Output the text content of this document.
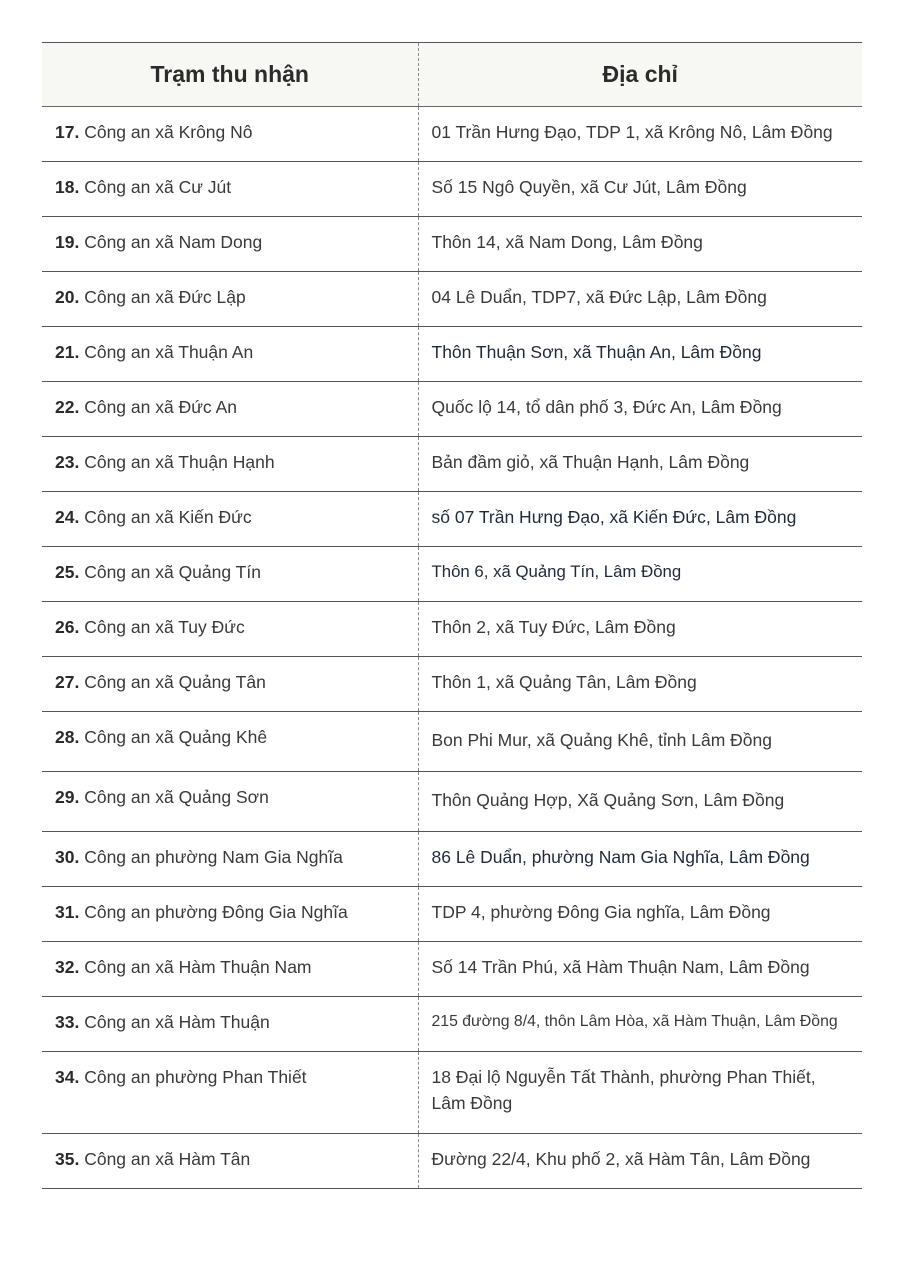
Trạm thu nhận	Địa chỉ
17. Công an xã Krông Nô	01 Trần Hưng Đạo, TDP 1, xã Krông Nô, Lâm Đồng
18. Công an xã Cư Jút	Số 15 Ngô Quyền, xã Cư Jút, Lâm Đồng
19. Công an xã Nam Dong	Thôn 14, xã Nam Dong, Lâm Đồng
20. Công an xã Đức Lập	04 Lê Duẩn, TDP7, xã Đức Lập, Lâm Đồng
21. Công an xã Thuận An	Thôn Thuận Sơn, xã Thuận An, Lâm Đồng
22. Công an xã Đức An	Quốc lộ 14, tổ dân phố 3, Đức An, Lâm Đồng
23. Công an xã Thuận Hạnh	Bản đầm giỏ, xã Thuận Hạnh, Lâm Đồng
24. Công an xã Kiến Đức	số 07 Trần Hưng Đạo, xã Kiến Đức, Lâm Đồng
25. Công an xã Quảng Tín	Thôn 6, xã Quảng Tín, Lâm Đồng
26. Công an xã Tuy Đức	Thôn 2, xã Tuy Đức, Lâm Đồng
27. Công an xã Quảng Tân	Thôn 1, xã Quảng Tân, Lâm Đồng
28. Công an xã Quảng Khê	Bon Phi Mur, xã Quảng Khê, tỉnh Lâm Đồng
29. Công an xã Quảng Sơn	Thôn Quảng Hợp, Xã Quảng Sơn, Lâm Đồng
30. Công an phường Nam Gia Nghĩa	86 Lê Duẩn, phường Nam Gia Nghĩa, Lâm Đồng
31. Công an phường Đông Gia Nghĩa	TDP 4, phường Đông Gia nghĩa, Lâm Đồng
32. Công an xã Hàm Thuận Nam	Số 14 Trần Phú, xã Hàm Thuận Nam, Lâm Đồng
33. Công an xã Hàm Thuận	215 đường 8/4, thôn Lâm Hòa, xã Hàm Thuận, Lâm Đồng
34. Công an phường Phan Thiết	18 Đại lộ Nguyễn Tất Thành, phường Phan Thiết, Lâm Đồng
35. Công an xã Hàm Tân	Đường 22/4, Khu phố 2, xã Hàm Tân, Lâm Đồng
